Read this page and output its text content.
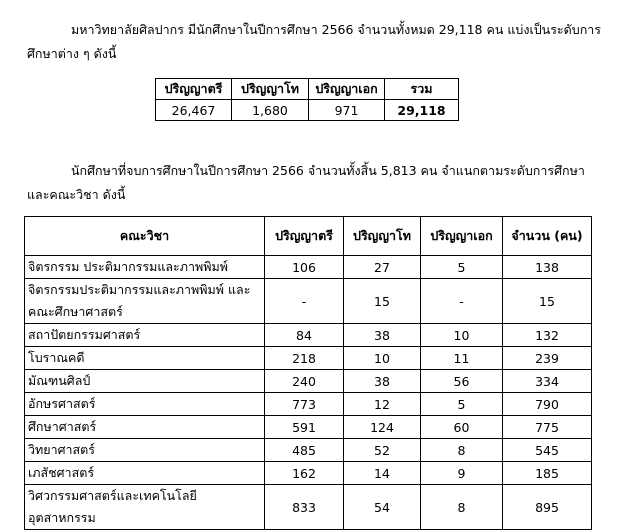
มหาวิทยาลัยศิลปากร มีนักศึกษาในปีการศึกษา 2566 จำนวนทั้งหมด 29,118 คน แบ่งเป็นระดับการศึกษาต่าง ๆ ดังนี้

ปริญญาตรี	ปริญญาโท	ปริญญาเอก	รวม
26,467	1,680	971	29,118

นักศึกษาที่จบการศึกษาในปีการศึกษา 2566 จำนวนทั้งสิ้น 5,813 คน จำแนกตามระดับการศึกษาและคณะวิชา ดังนี้

คณะวิชา	ปริญญาตรี	ปริญญาโท	ปริญญาเอก	จำนวน (คน)
จิตรกรรม ประติมากรรมและภาพพิมพ์	106	27	5	138
จิตรกรรมประติมากรรมและภาพพิมพ์ และคณะศึกษาศาสตร์	-	15	-	15
สถาปัตยกรรมศาสตร์	84	38	10	132
โบราณคดี	218	10	11	239
มัณฑนศิลป์	240	38	56	334
อักษรศาสตร์	773	12	5	790
ศึกษาศาสตร์	591	124	60	775
วิทยาศาสตร์	485	52	8	545
เภสัชศาสตร์	162	14	9	185
วิศวกรรมศาสตร์และเทคโนโลยีอุตสาหกรรม	833	54	8	895
